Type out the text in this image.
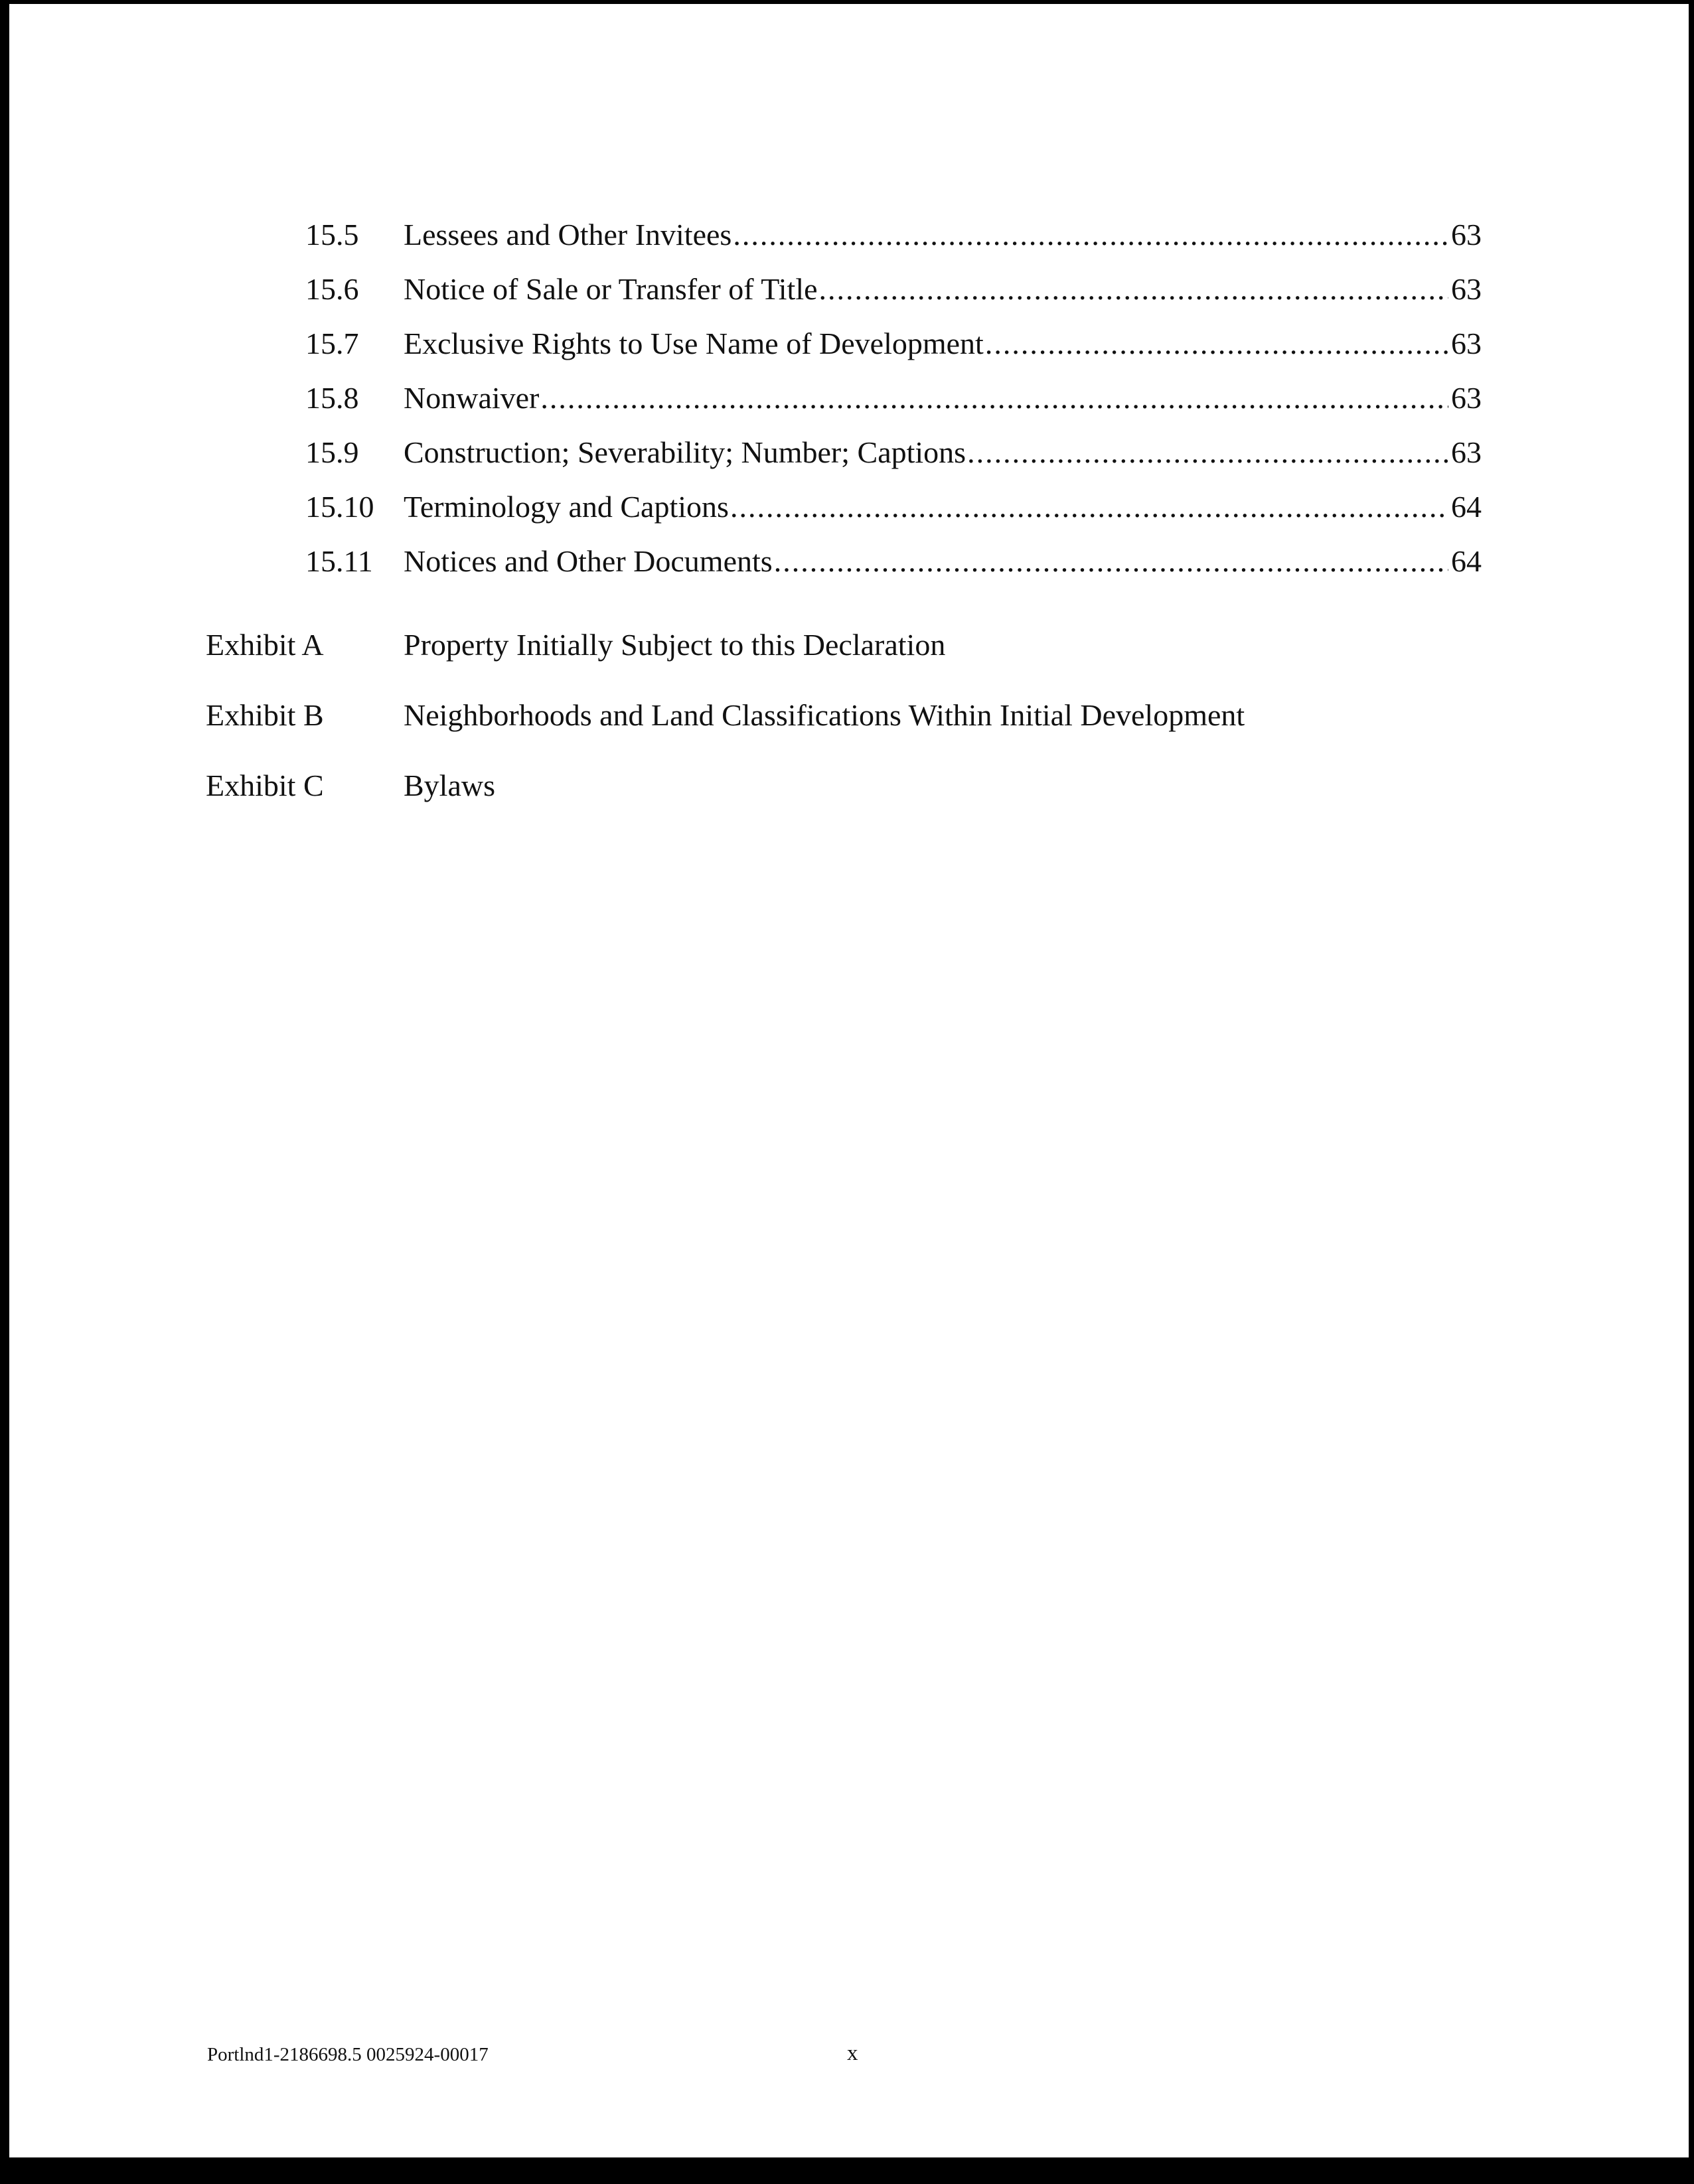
15.5 Lessees and Other Invitees .....	63
15.6 Notice of Sale or Transfer of Title .....	63
15.7 Exclusive Rights to Use Name of Development .....	63
15.8 Nonwaiver .....	63
15.9 Construction; Severability; Number; Captions .....	63
15.10 Terminology and Captions .....	64
15.11 Notices and Other Documents .....	64
Exhibit A	Property Initially Subject to this Declaration
Exhibit B	Neighborhoods and Land Classifications Within Initial Development
Exhibit C	Bylaws
Portlnd1-2186698.5 0025924-00017	x
